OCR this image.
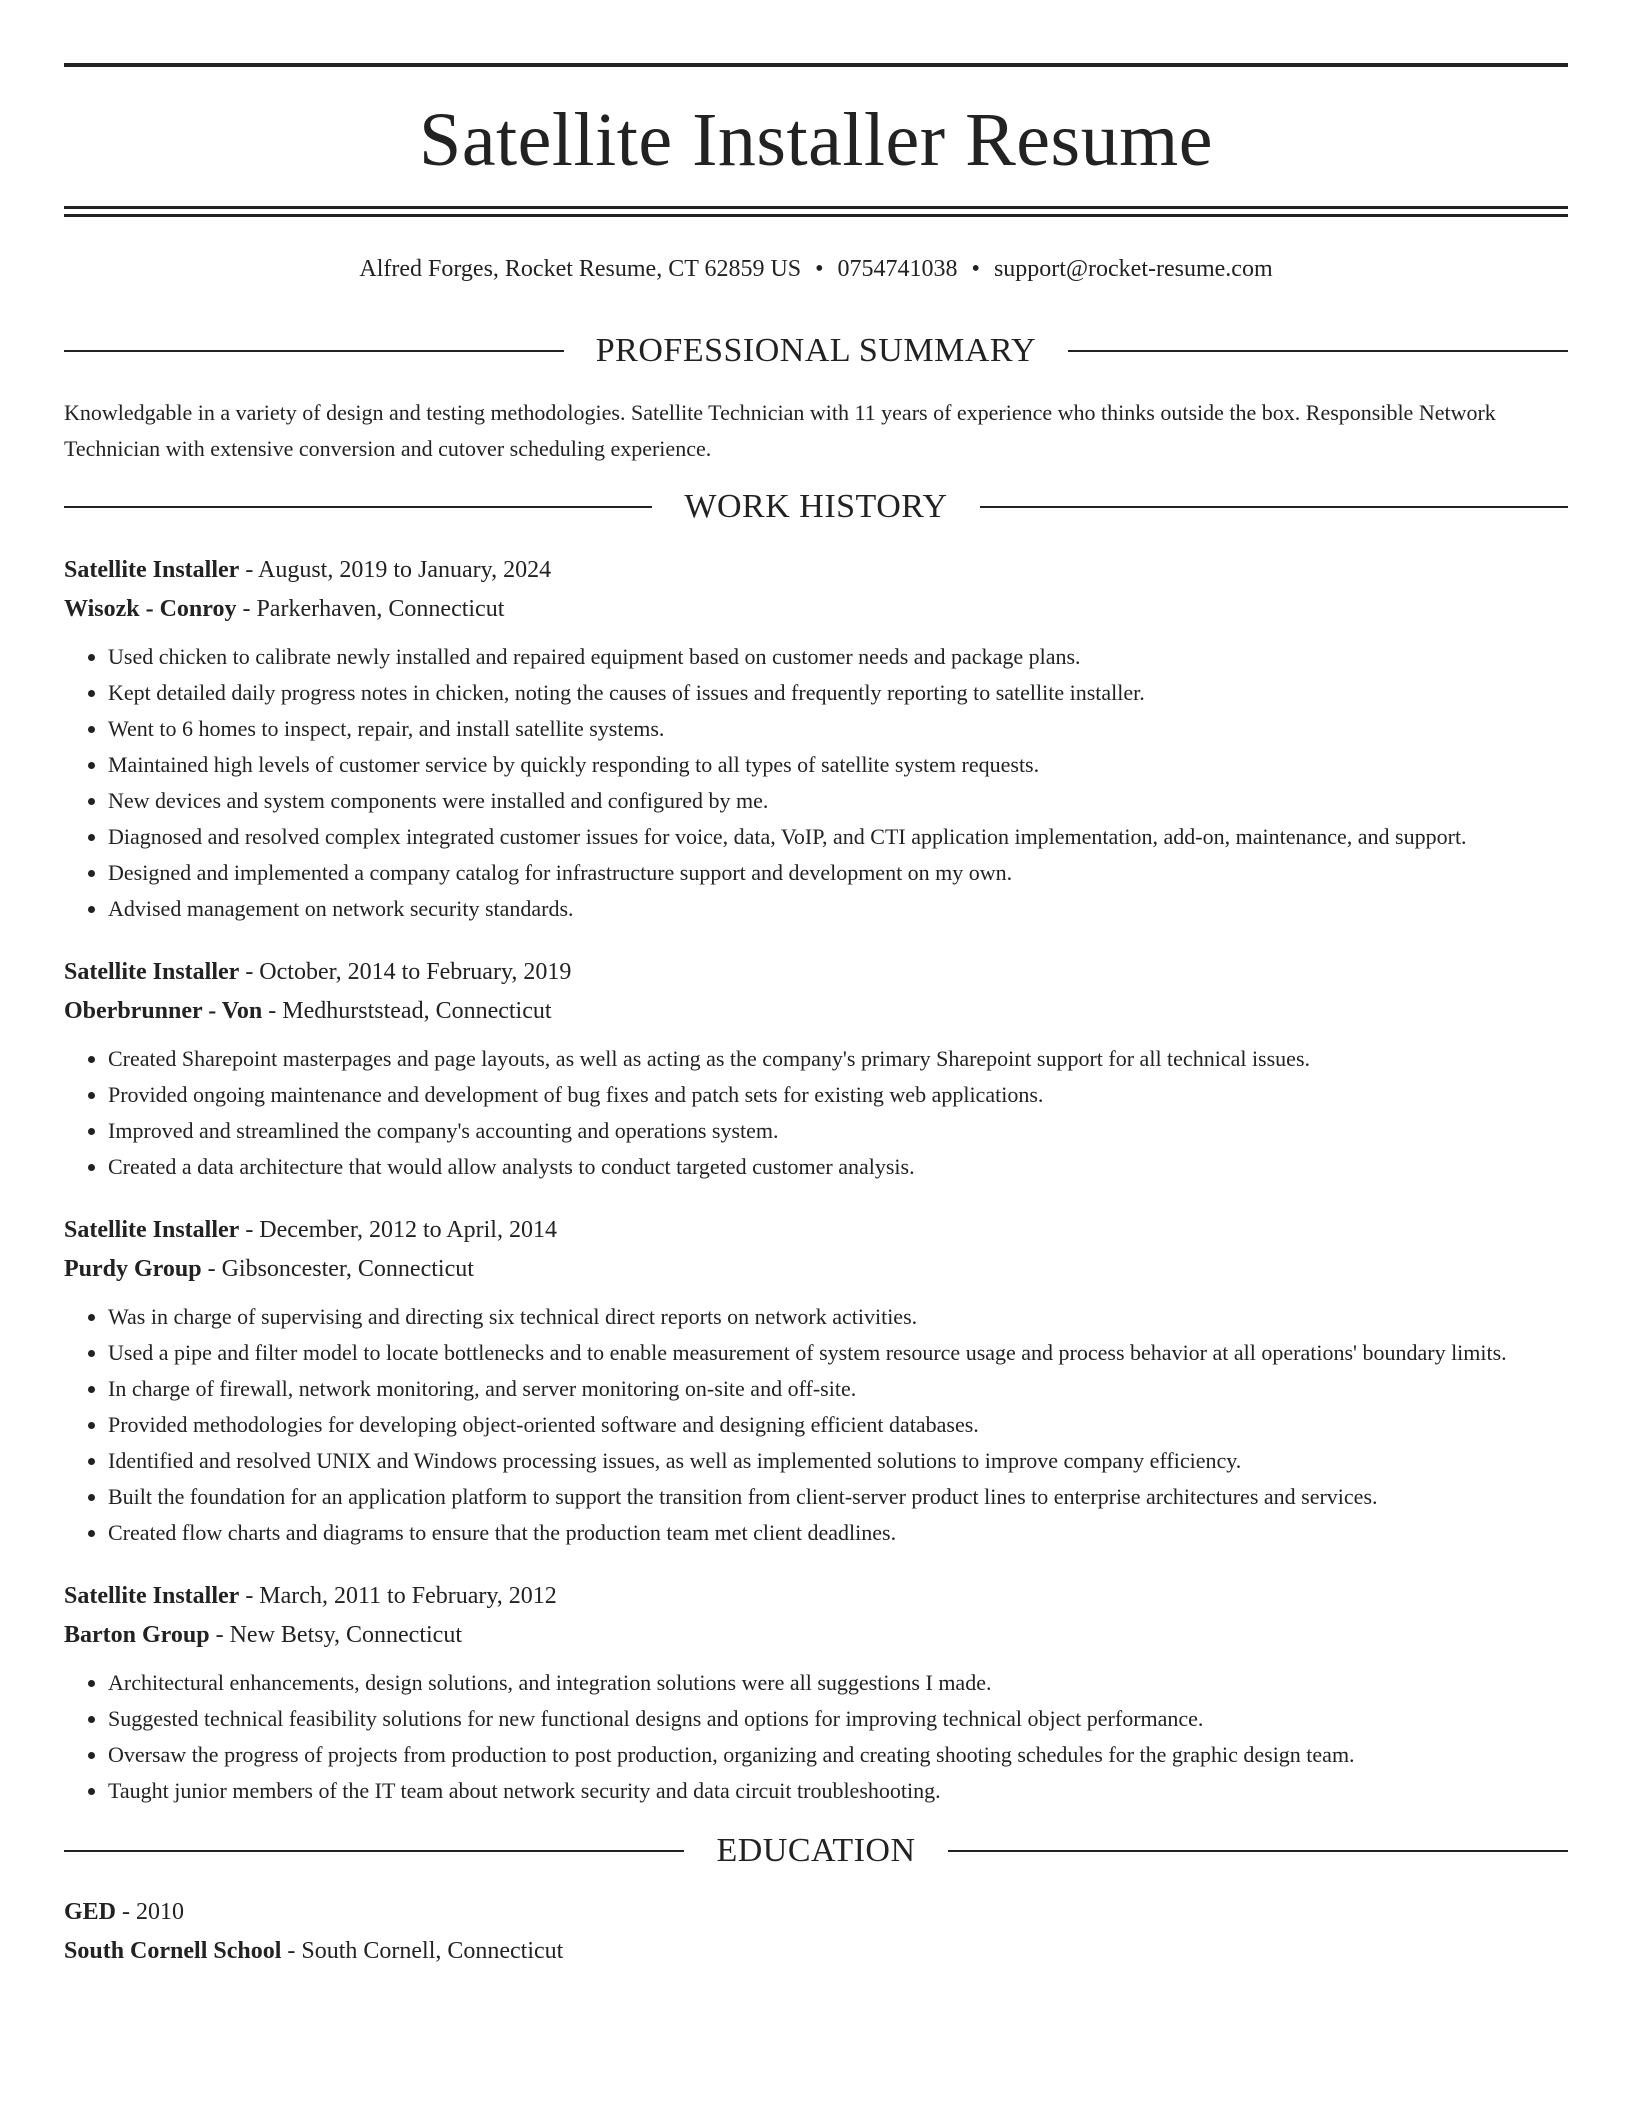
Satellite Installer Resume
Alfred Forges, Rocket Resume, CT 62859 US • 0754741038 • support@rocket-resume.com
PROFESSIONAL SUMMARY
Knowledgable in a variety of design and testing methodologies. Satellite Technician with 11 years of experience who thinks outside the box. Responsible Network Technician with extensive conversion and cutover scheduling experience.
WORK HISTORY
Satellite Installer - August, 2019 to January, 2024
Wisozk - Conroy - Parkerhaven, Connecticut
• Used chicken to calibrate newly installed and repaired equipment based on customer needs and package plans.
• Kept detailed daily progress notes in chicken, noting the causes of issues and frequently reporting to satellite installer.
• Went to 6 homes to inspect, repair, and install satellite systems.
• Maintained high levels of customer service by quickly responding to all types of satellite system requests.
• New devices and system components were installed and configured by me.
• Diagnosed and resolved complex integrated customer issues for voice, data, VoIP, and CTI application implementation, add-on, maintenance, and support.
• Designed and implemented a company catalog for infrastructure support and development on my own.
• Advised management on network security standards.
Satellite Installer - October, 2014 to February, 2019
Oberbrunner - Von - Medhurststead, Connecticut
• Created Sharepoint masterpages and page layouts, as well as acting as the company's primary Sharepoint support for all technical issues.
• Provided ongoing maintenance and development of bug fixes and patch sets for existing web applications.
• Improved and streamlined the company's accounting and operations system.
• Created a data architecture that would allow analysts to conduct targeted customer analysis.
Satellite Installer - December, 2012 to April, 2014
Purdy Group - Gibsoncester, Connecticut
• Was in charge of supervising and directing six technical direct reports on network activities.
• Used a pipe and filter model to locate bottlenecks and to enable measurement of system resource usage and process behavior at all operations' boundary limits.
• In charge of firewall, network monitoring, and server monitoring on-site and off-site.
• Provided methodologies for developing object-oriented software and designing efficient databases.
• Identified and resolved UNIX and Windows processing issues, as well as implemented solutions to improve company efficiency.
• Built the foundation for an application platform to support the transition from client-server product lines to enterprise architectures and services.
• Created flow charts and diagrams to ensure that the production team met client deadlines.
Satellite Installer - March, 2011 to February, 2012
Barton Group - New Betsy, Connecticut
• Architectural enhancements, design solutions, and integration solutions were all suggestions I made.
• Suggested technical feasibility solutions for new functional designs and options for improving technical object performance.
• Oversaw the progress of projects from production to post production, organizing and creating shooting schedules for the graphic design team.
• Taught junior members of the IT team about network security and data circuit troubleshooting.
EDUCATION
GED - 2010
South Cornell School - South Cornell, Connecticut
